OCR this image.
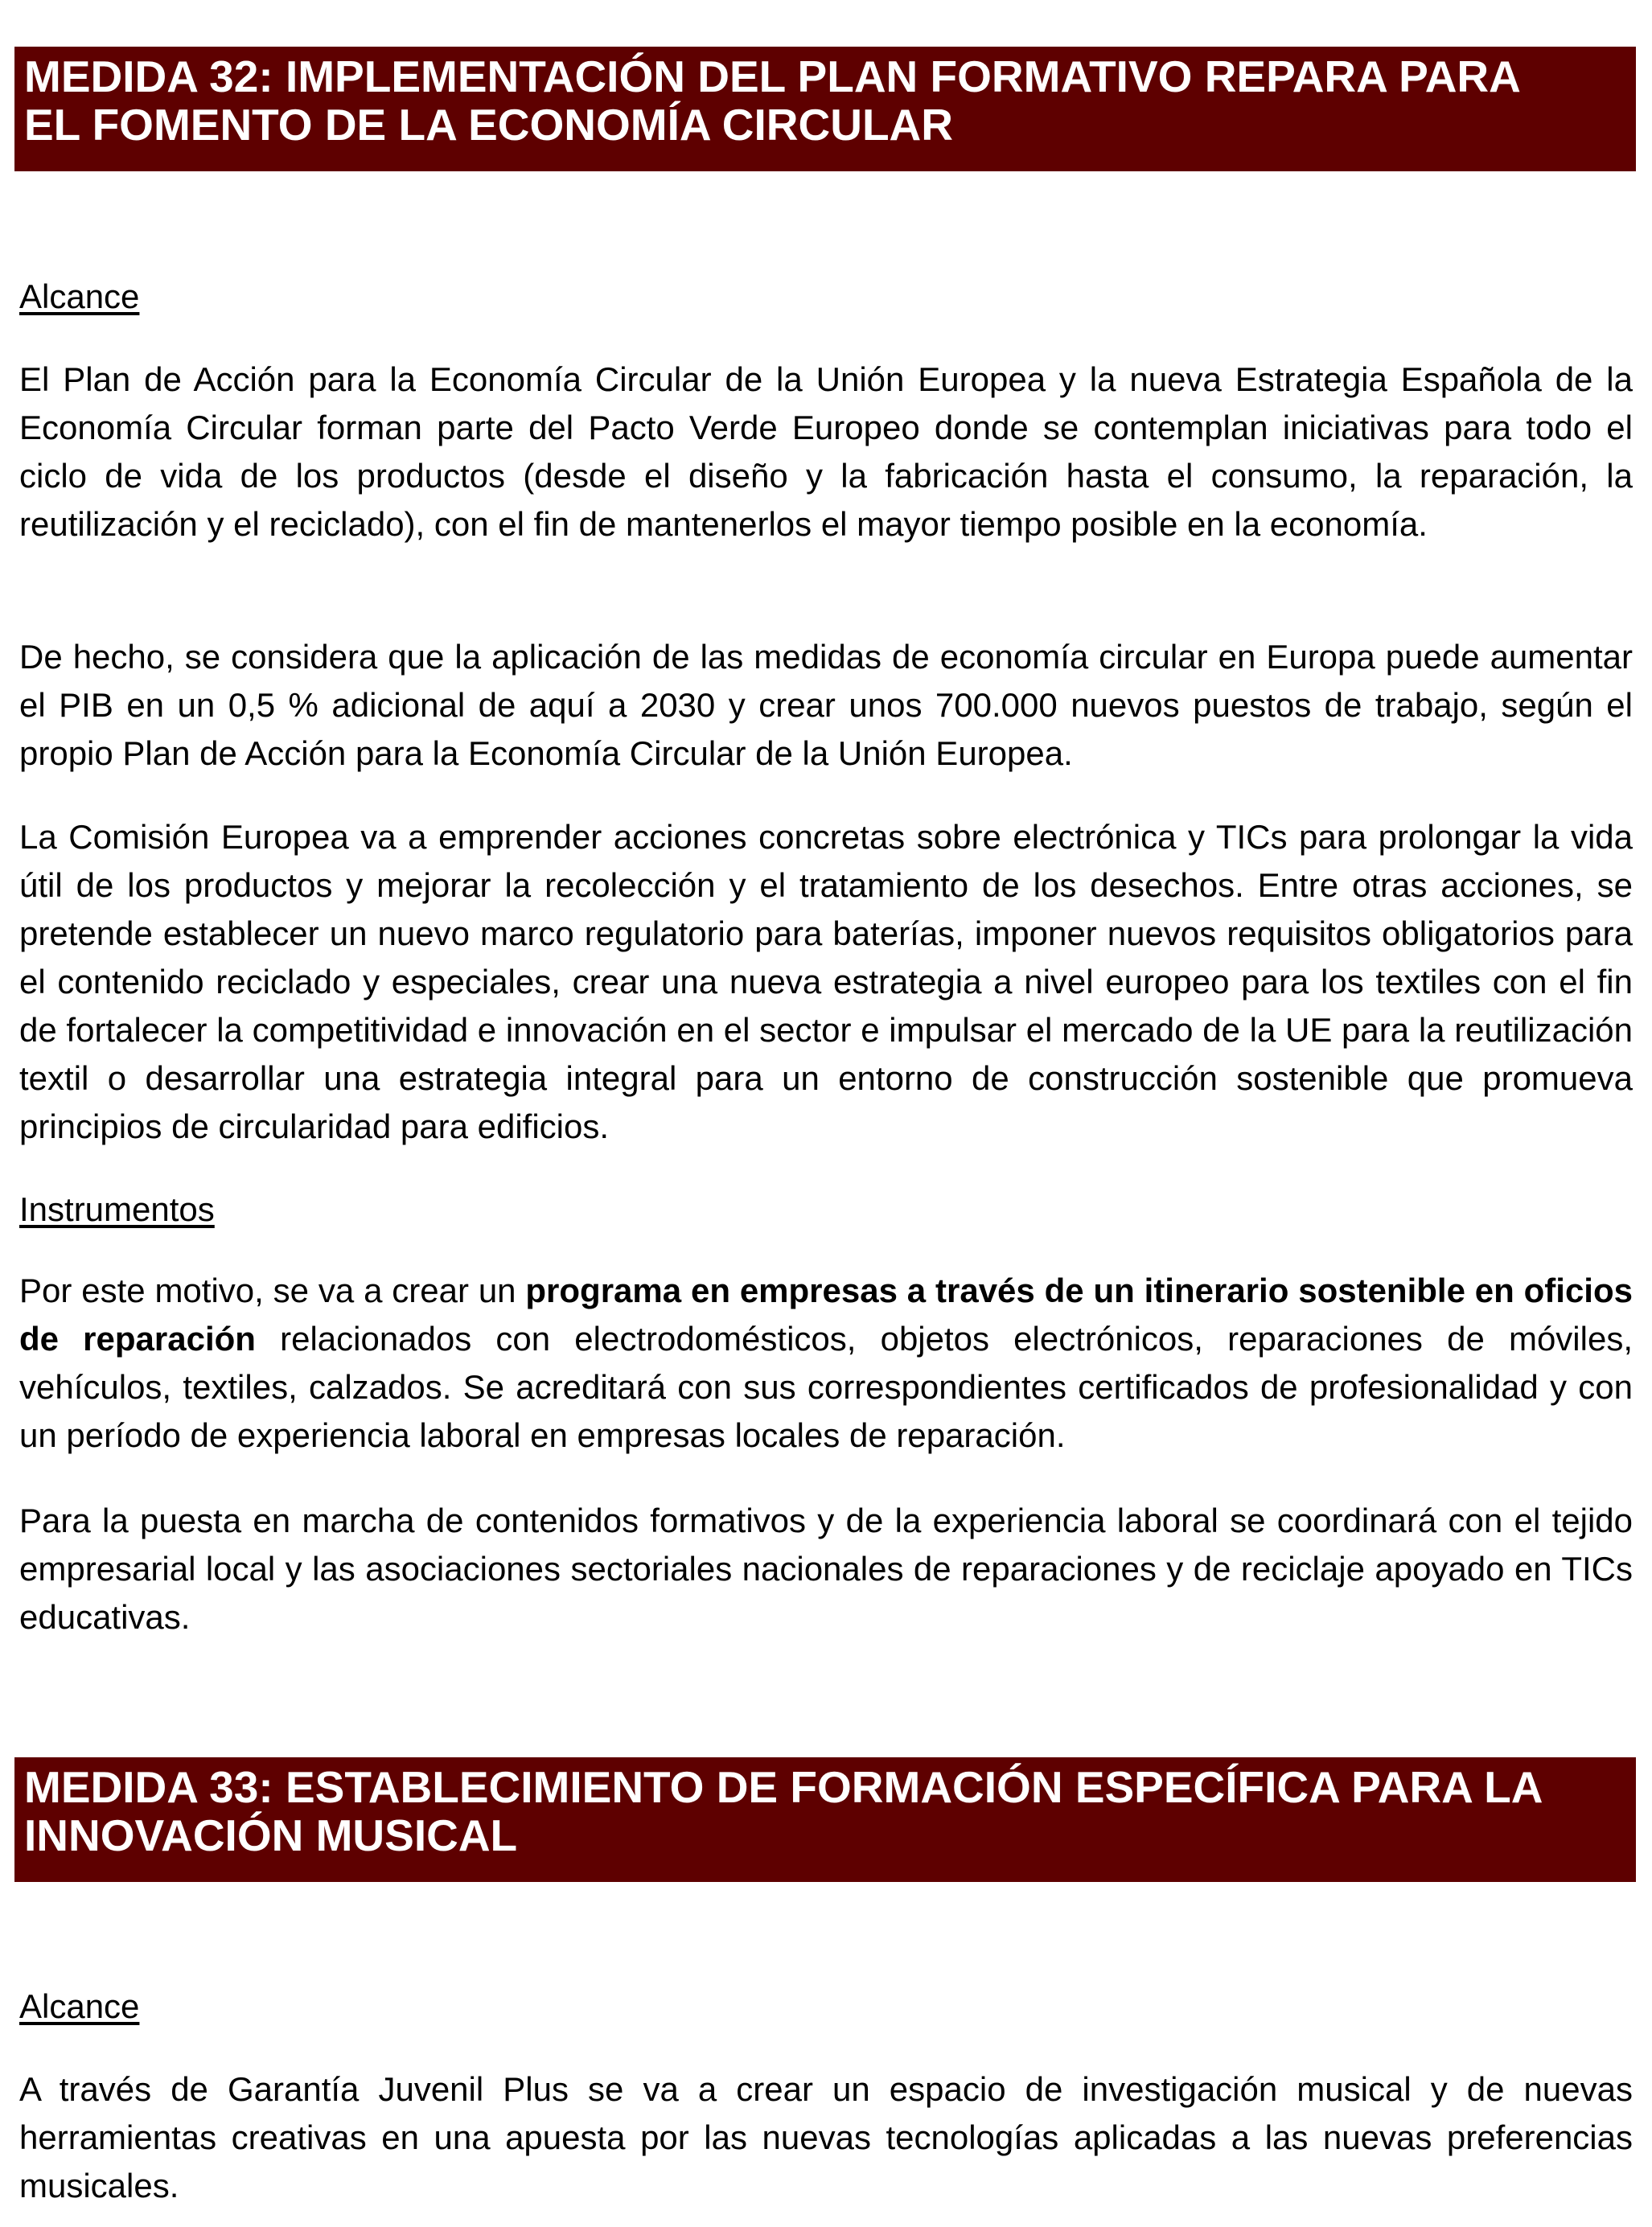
MEDIDA 32: IMPLEMENTACIÓN DEL PLAN FORMATIVO REPARA PARA
EL FOMENTO DE LA ECONOMÍA CIRCULAR
Alcance
El Plan de Acción para la Economía Circular de la Unión Europea y la nueva Estrategia Española de la Economía Circular forman parte del Pacto Verde Europeo donde se contemplan iniciativas para todo el ciclo de vida de los productos (desde el diseño y la fabricación hasta el consumo, la reparación, la reutilización y el reciclado), con el fin de mantenerlos el mayor tiempo posible en la economía.
De hecho, se considera que la aplicación de las medidas de economía circular en Europa puede aumentar el PIB en un 0,5 % adicional de aquí a 2030 y crear unos 700.000 nuevos puestos de trabajo, según el propio Plan de Acción para la Economía Circular de la Unión Europea.
La Comisión Europea va a emprender acciones concretas sobre electrónica y TICs para prolongar la vida útil de los productos y mejorar la recolección y el tratamiento de los desechos. Entre otras acciones, se pretende establecer un nuevo marco regulatorio para baterías, imponer nuevos requisitos obligatorios para el contenido reciclado y especiales, crear una nueva estrategia a nivel europeo para los textiles con el fin de fortalecer la competitividad e innovación en el sector e impulsar el mercado de la UE para la reutilización textil o desarrollar una estrategia integral para un entorno de construcción sostenible que promueva principios de circularidad para edificios.
Instrumentos
Por este motivo, se va a crear un programa en empresas a través de un itinerario sostenible en oficios de reparación relacionados con electrodomésticos, objetos electrónicos, reparaciones de móviles, vehículos, textiles, calzados. Se acreditará con sus correspondientes certificados de profesionalidad y con un período de experiencia laboral en empresas locales de reparación.
Para la puesta en marcha de contenidos formativos y de la experiencia laboral se coordinará con el tejido empresarial local y las asociaciones sectoriales nacionales de reparaciones y de reciclaje apoyado en TICs educativas.
MEDIDA 33: ESTABLECIMIENTO DE FORMACIÓN ESPECÍFICA PARA LA
INNOVACIÓN MUSICAL
Alcance
A través de Garantía Juvenil Plus se va a crear un espacio de investigación musical y de nuevas herramientas creativas en una apuesta por las nuevas tecnologías aplicadas a las nuevas preferencias musicales.
